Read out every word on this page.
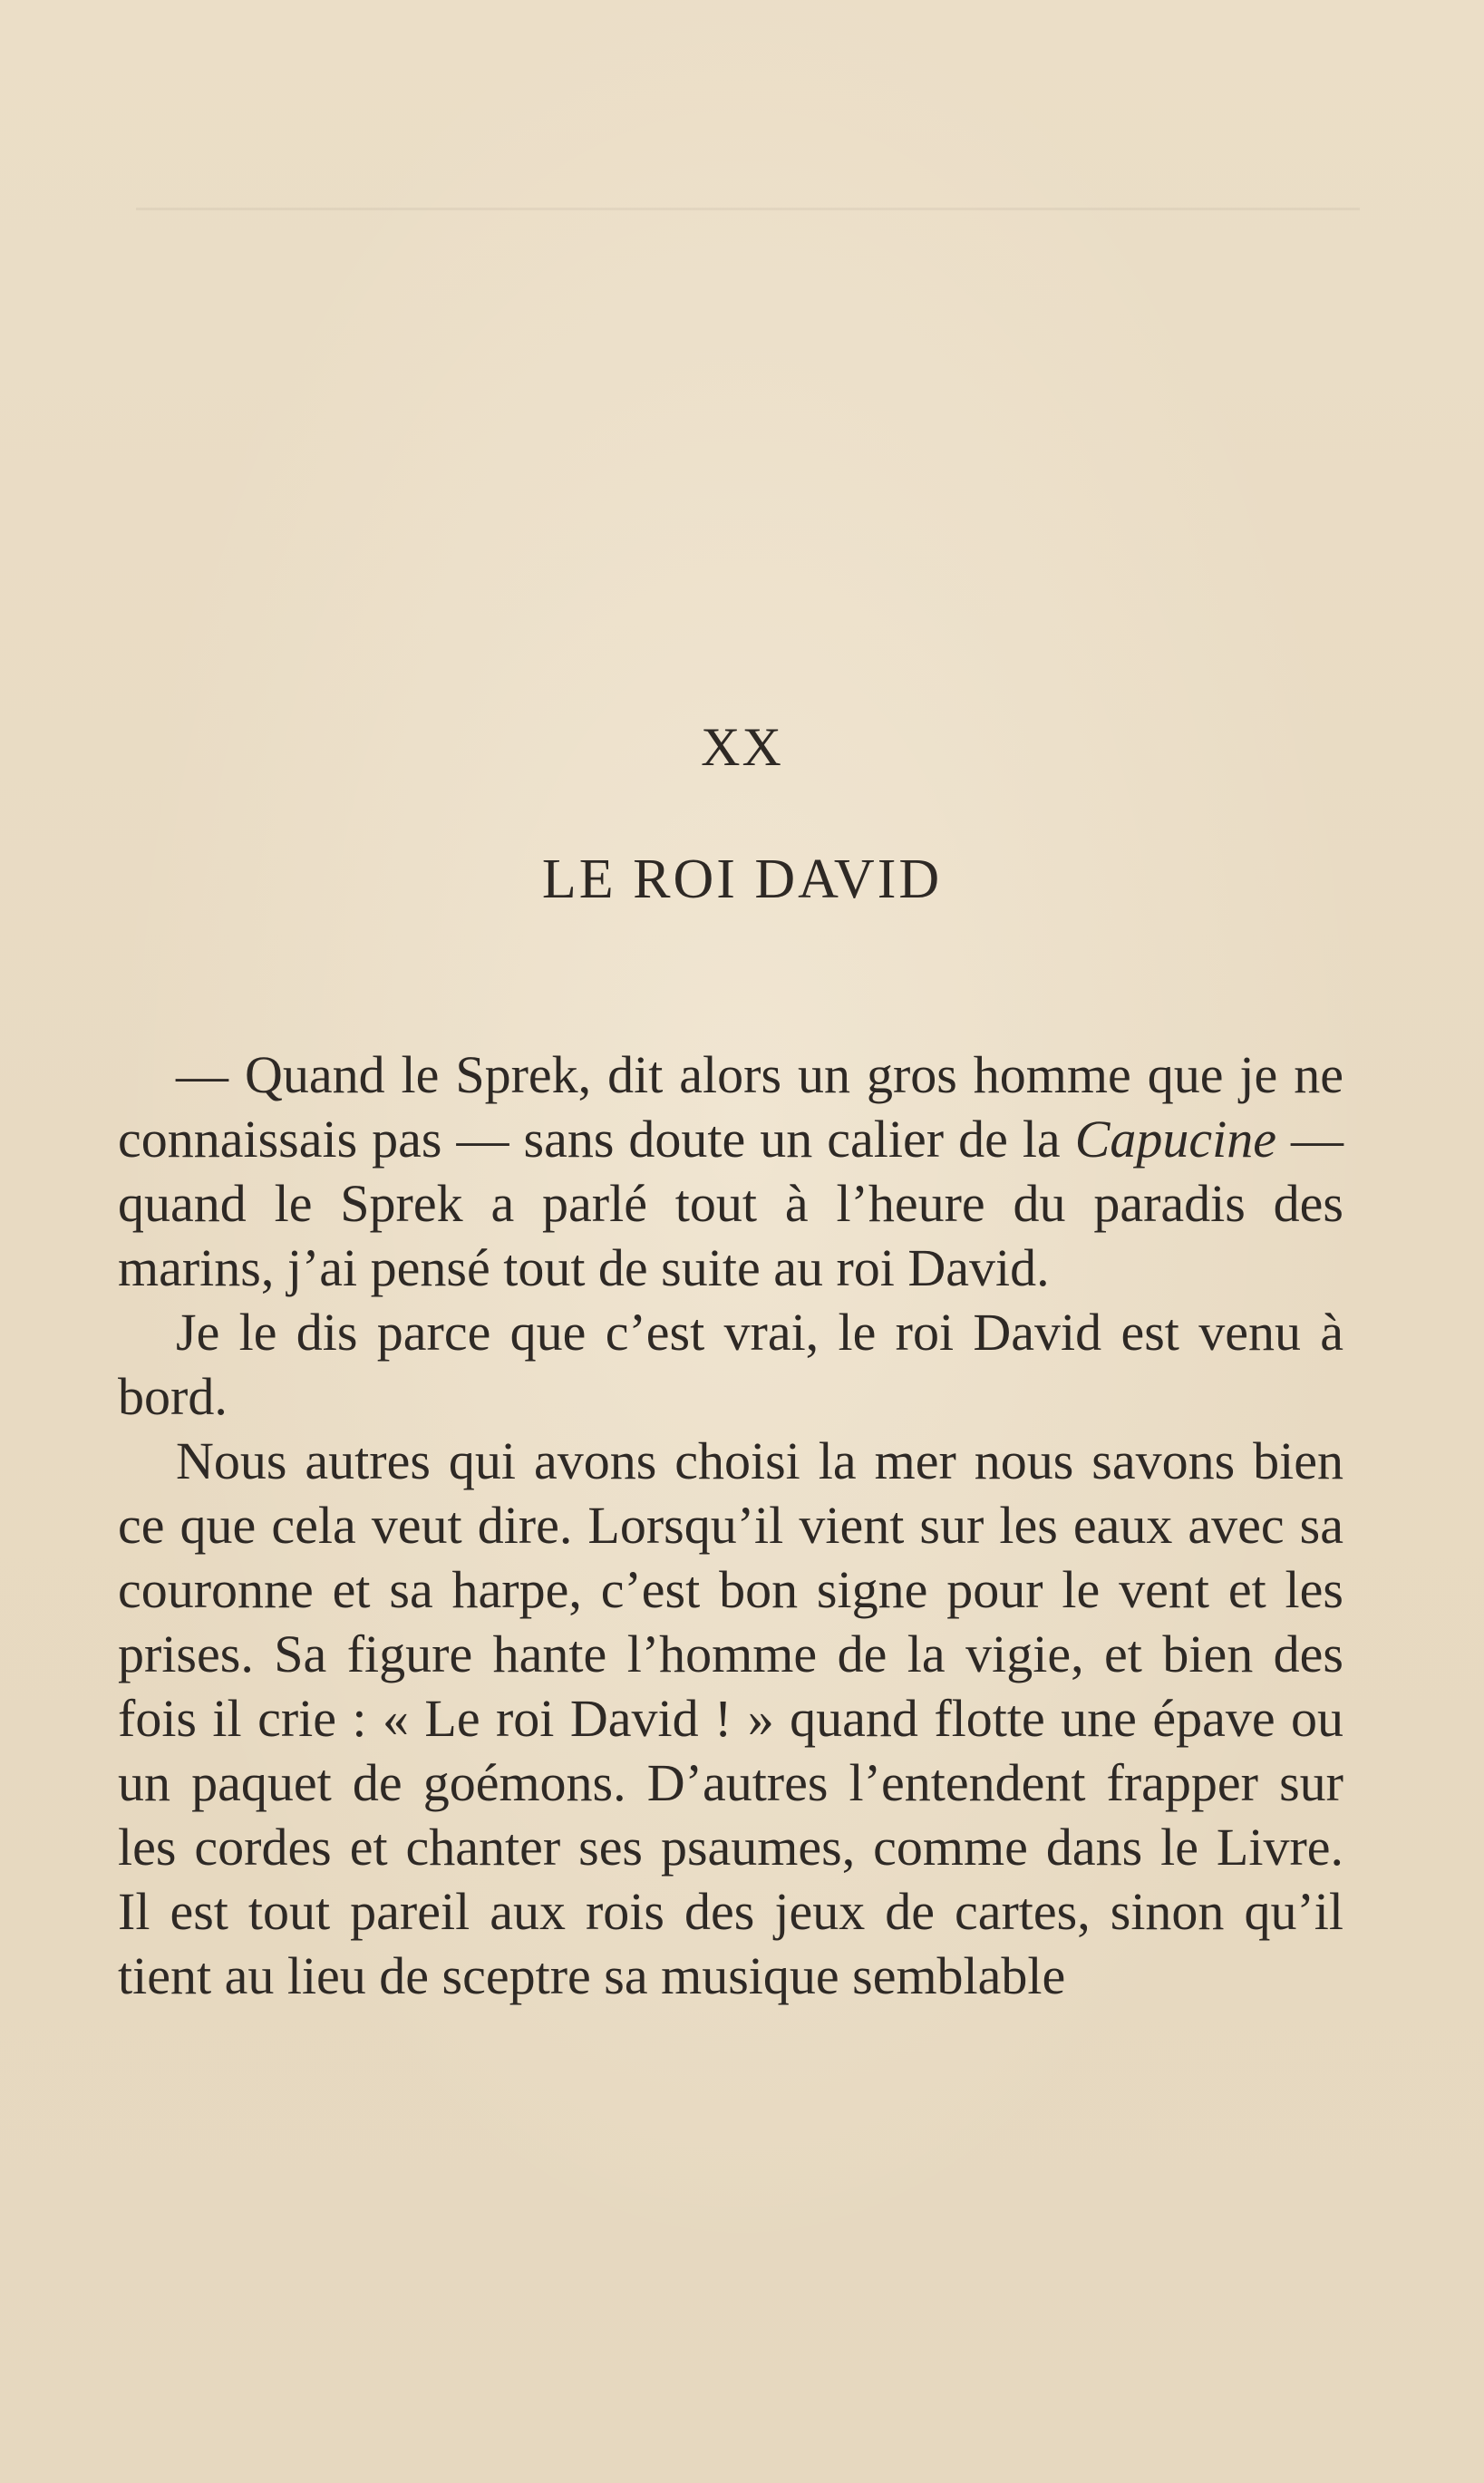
XX
LE ROI DAVID

— Quand le Sprek, dit alors un gros homme que je ne connaissais pas — sans doute un calier de la Capucine — quand le Sprek a parlé tout à l’heure du paradis des marins, j’ai pensé tout de suite au roi David.

Je le dis parce que c’est vrai, le roi David est venu à bord.

Nous autres qui avons choisi la mer nous savons bien ce que cela veut dire. Lorsqu’il vient sur les eaux avec sa couronne et sa harpe, c’est bon signe pour le vent et les prises. Sa figure hante l’homme de la vigie, et bien des fois il crie : « Le roi David ! » quand flotte une épave ou un paquet de goémons. D’autres l’entendent frapper sur les cordes et chanter ses psaumes, comme dans le Livre. Il est tout pareil aux rois des jeux de cartes, sinon qu’il tient au lieu de sceptre sa musique semblable
